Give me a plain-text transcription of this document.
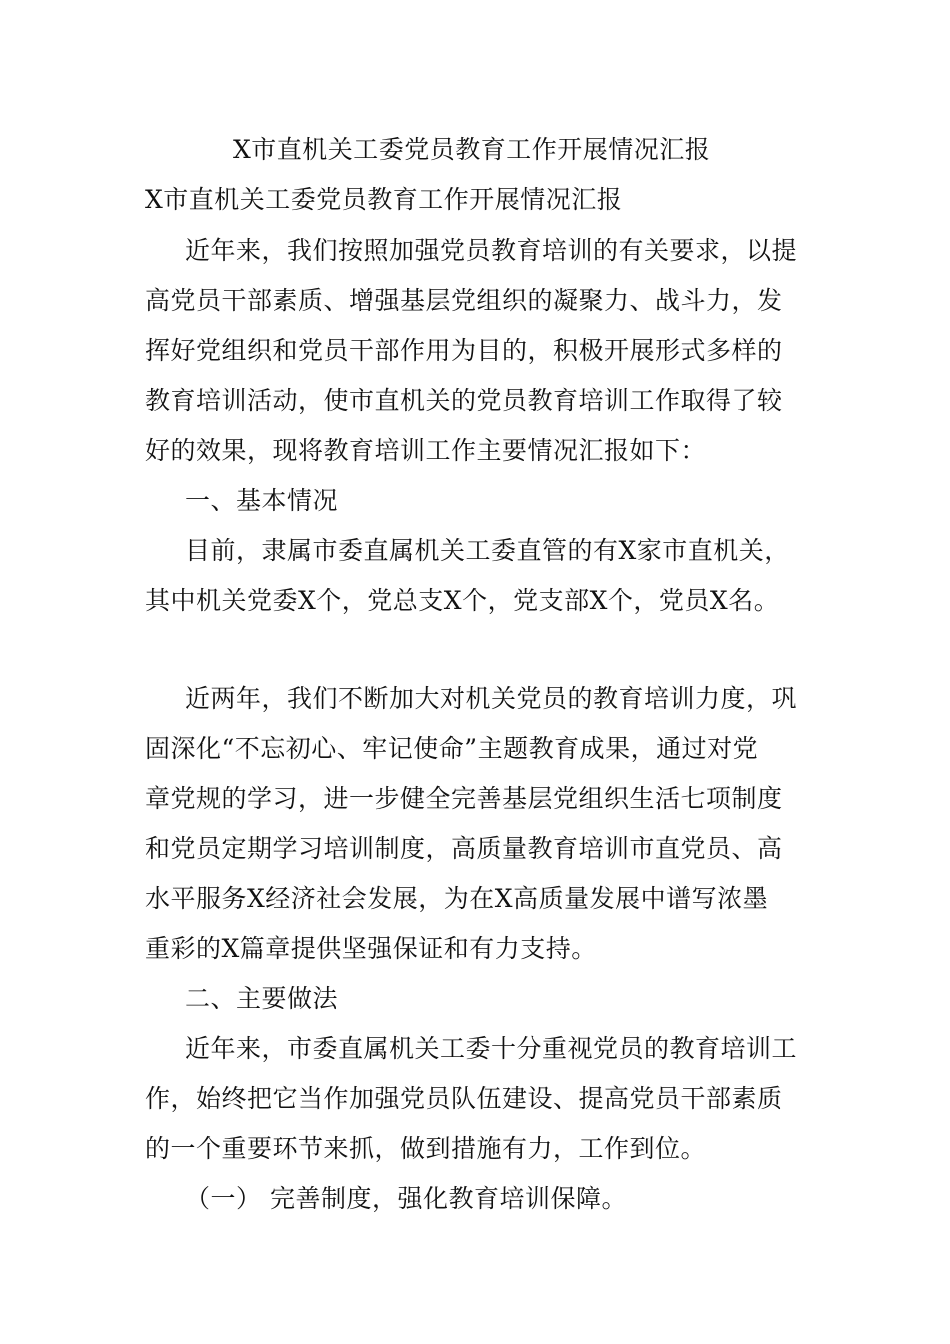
X市直机关工委党员教育工作开展情况汇报
X市直机关工委党员教育工作开展情况汇报
近年来，我们按照加强党员教育培训的有关要求，以提
高党员干部素质、增强基层党组织的凝聚力、战斗力，发
挥好党组织和党员干部作用为目的，积极开展形式多样的
教育培训活动，使市直机关的党员教育培训工作取得了较
好的效果，现将教育培训工作主要情况汇报如下：
一、基本情况
目前，隶属市委直属机关工委直管的有X家市直机关，
其中机关党委X个，党总支X个，党支部X个，党员X名。
近两年，我们不断加大对机关党员的教育培训力度，巩
固深化“不忘初心、牢记使命”主题教育成果，通过对党
章党规的学习，进一步健全完善基层党组织生活七项制度
和党员定期学习培训制度，高质量教育培训市直党员、高
水平服务X经济社会发展，为在X高质量发展中谱写浓墨
重彩的X篇章提供坚强保证和有力支持。
二、主要做法
近年来，市委直属机关工委十分重视党员的教育培训工
作，始终把它当作加强党员队伍建设、提高党员干部素质
的一个重要环节来抓，做到措施有力，工作到位。
（一） 完善制度，强化教育培训保障。
